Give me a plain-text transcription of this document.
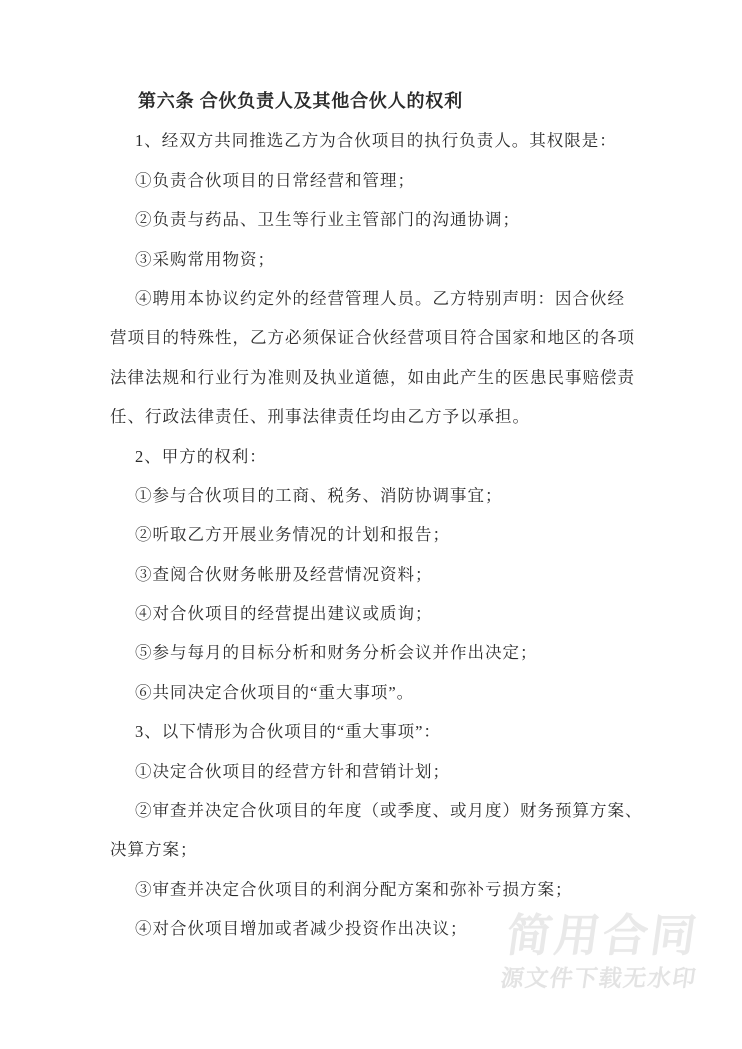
第六条 合伙负责人及其他合伙人的权利
1、经双方共同推选乙方为合伙项目的执行负责人。其权限是：
①负责合伙项目的日常经营和管理；
②负责与药品、卫生等行业主管部门的沟通协调；
③采购常用物资；
④聘用本协议约定外的经营管理人员。乙方特别声明：因合伙经
营项目的特殊性，乙方必须保证合伙经营项目符合国家和地区的各项
法律法规和行业行为准则及执业道德，如由此产生的医患民事赔偿责
任、行政法律责任、刑事法律责任均由乙方予以承担。
2、甲方的权利：
①参与合伙项目的工商、税务、消防协调事宜；
②听取乙方开展业务情况的计划和报告；
③查阅合伙财务帐册及经营情况资料；
④对合伙项目的经营提出建议或质询；
⑤参与每月的目标分析和财务分析会议并作出决定；
⑥共同决定合伙项目的“重大事项”。
3、以下情形为合伙项目的“重大事项”：
①决定合伙项目的经营方针和营销计划；
②审查并决定合伙项目的年度（或季度、或月度）财务预算方案、
决算方案；
③审查并决定合伙项目的利润分配方案和弥补亏损方案；
④对合伙项目增加或者减少投资作出决议； 简用合同
源文件下载无水印
